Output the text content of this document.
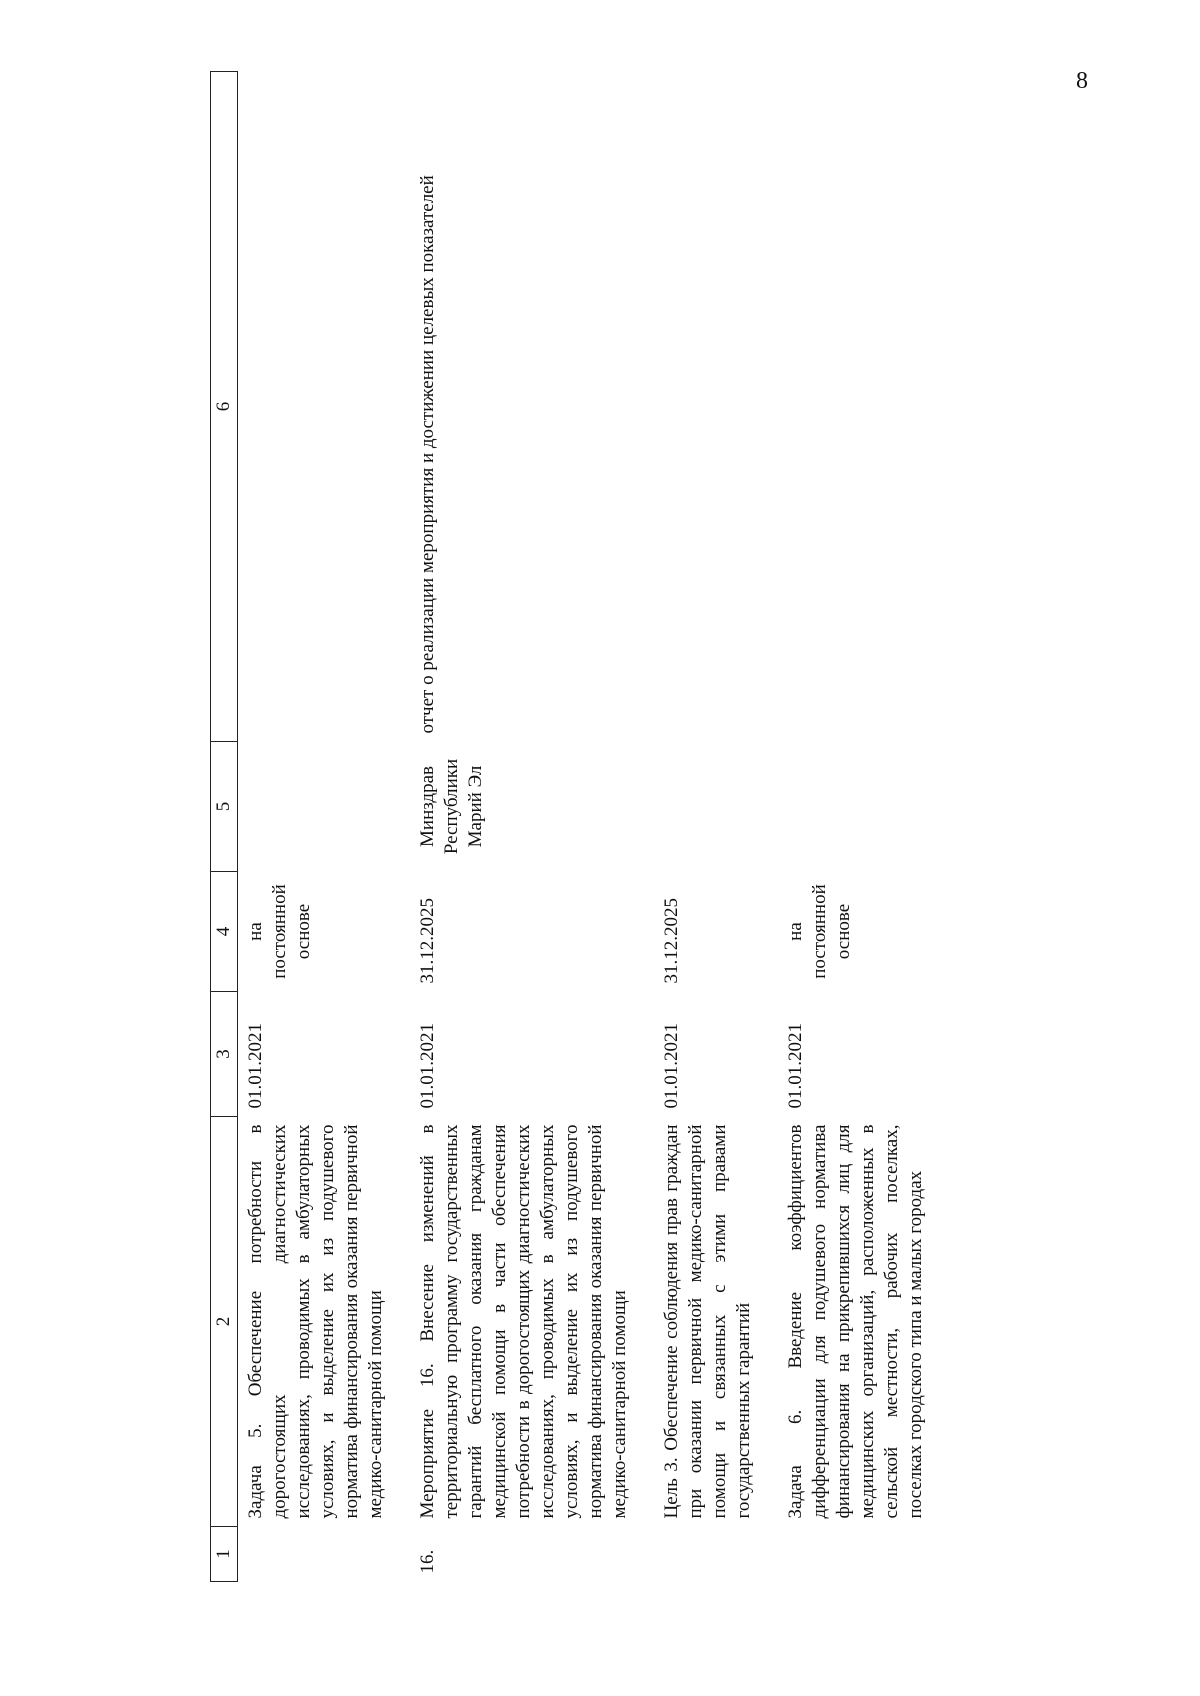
8
1	2	3	4	5	6
	Задача 5. Обеспечение потребности в дорогостоящих диагностических исследованиях, проводимых в амбулаторных условиях, и выделение их из подушевого норматива финансирования оказания первичной медико-санитарной помощи	01.01.2021	на постоянной основе		
16.	Мероприятие 16. Внесение изменений в территориальную программу государственных гарантий бесплатного оказания гражданам медицинской помощи в части обеспечения потребности в дорогостоящих диагностических исследованиях, проводимых в амбулаторных условиях, и выделение их из подушевого норматива финансирования оказания первичной медико-санитарной помощи	01.01.2021	31.12.2025	Минздрав Республики Марий Эл	отчет о реализации мероприятия и достижении целевых показателей
	Цель 3. Обеспечение соблюдения прав граждан при оказании первичной медико-санитарной помощи и связанных с этими правами государственных гарантий	01.01.2021	31.12.2025		
	Задача 6. Введение коэффициентов дифференциации для подушевого норматива финансирования на прикрепившихся лиц для медицинских организаций, расположенных в сельской местности, рабочих поселках, поселках городского типа и малых городах	01.01.2021	на постоянной основе		
